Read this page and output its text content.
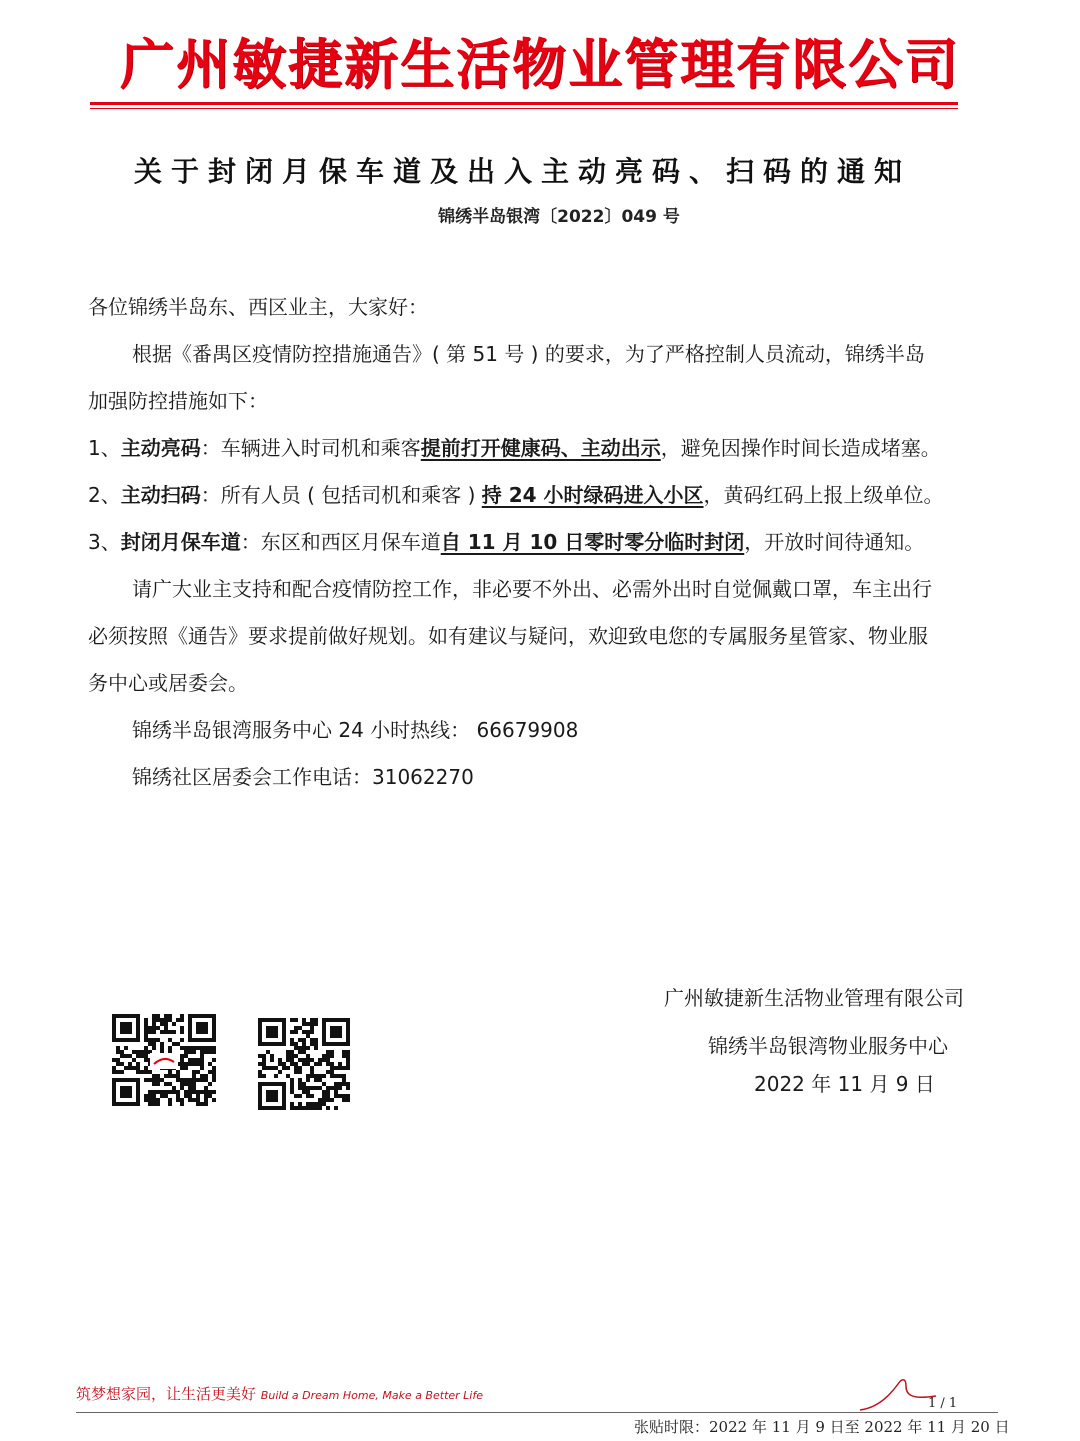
广州敏捷新生活物业管理有限公司
关于封闭月保车道及出入主动亮码、扫码的通知
锦绣半岛银湾〔2022〕049 号
各位锦绣半岛东、西区业主，大家好：
根据《番禺区疫情防控措施通告》( 第 51 号 ) 的要求，为了严格控制人员流动，锦绣半岛
加强防控措施如下：
1、主动亮码：车辆进入时司机和乘客提前打开健康码、主动出示，避免因操作时间长造成堵塞。
2、主动扫码：所有人员 ( 包括司机和乘客 ) 持 24 小时绿码进入小区，黄码红码上报上级单位。
3、封闭月保车道：东区和西区月保车道自 11 月 10 日零时零分临时封闭，开放时间待通知。
请广大业主支持和配合疫情防控工作，非必要不外出、必需外出时自觉佩戴口罩，车主出行
必须按照《通告》要求提前做好规划。如有建议与疑问，欢迎致电您的专属服务星管家、物业服
务中心或居委会。
锦绣半岛银湾服务中心 24 小时热线： 66679908
锦绣社区居委会工作电话：31062270
广州敏捷新生活物业管理有限公司
锦绣半岛银湾物业服务中心
2022 年 11 月 9 日
筑梦想家园，让生活更美好 Build a Dream Home, Make a Better Life
1 / 1
张贴时限：2022 年 11 月 9 日至 2022 年 11 月 20 日
